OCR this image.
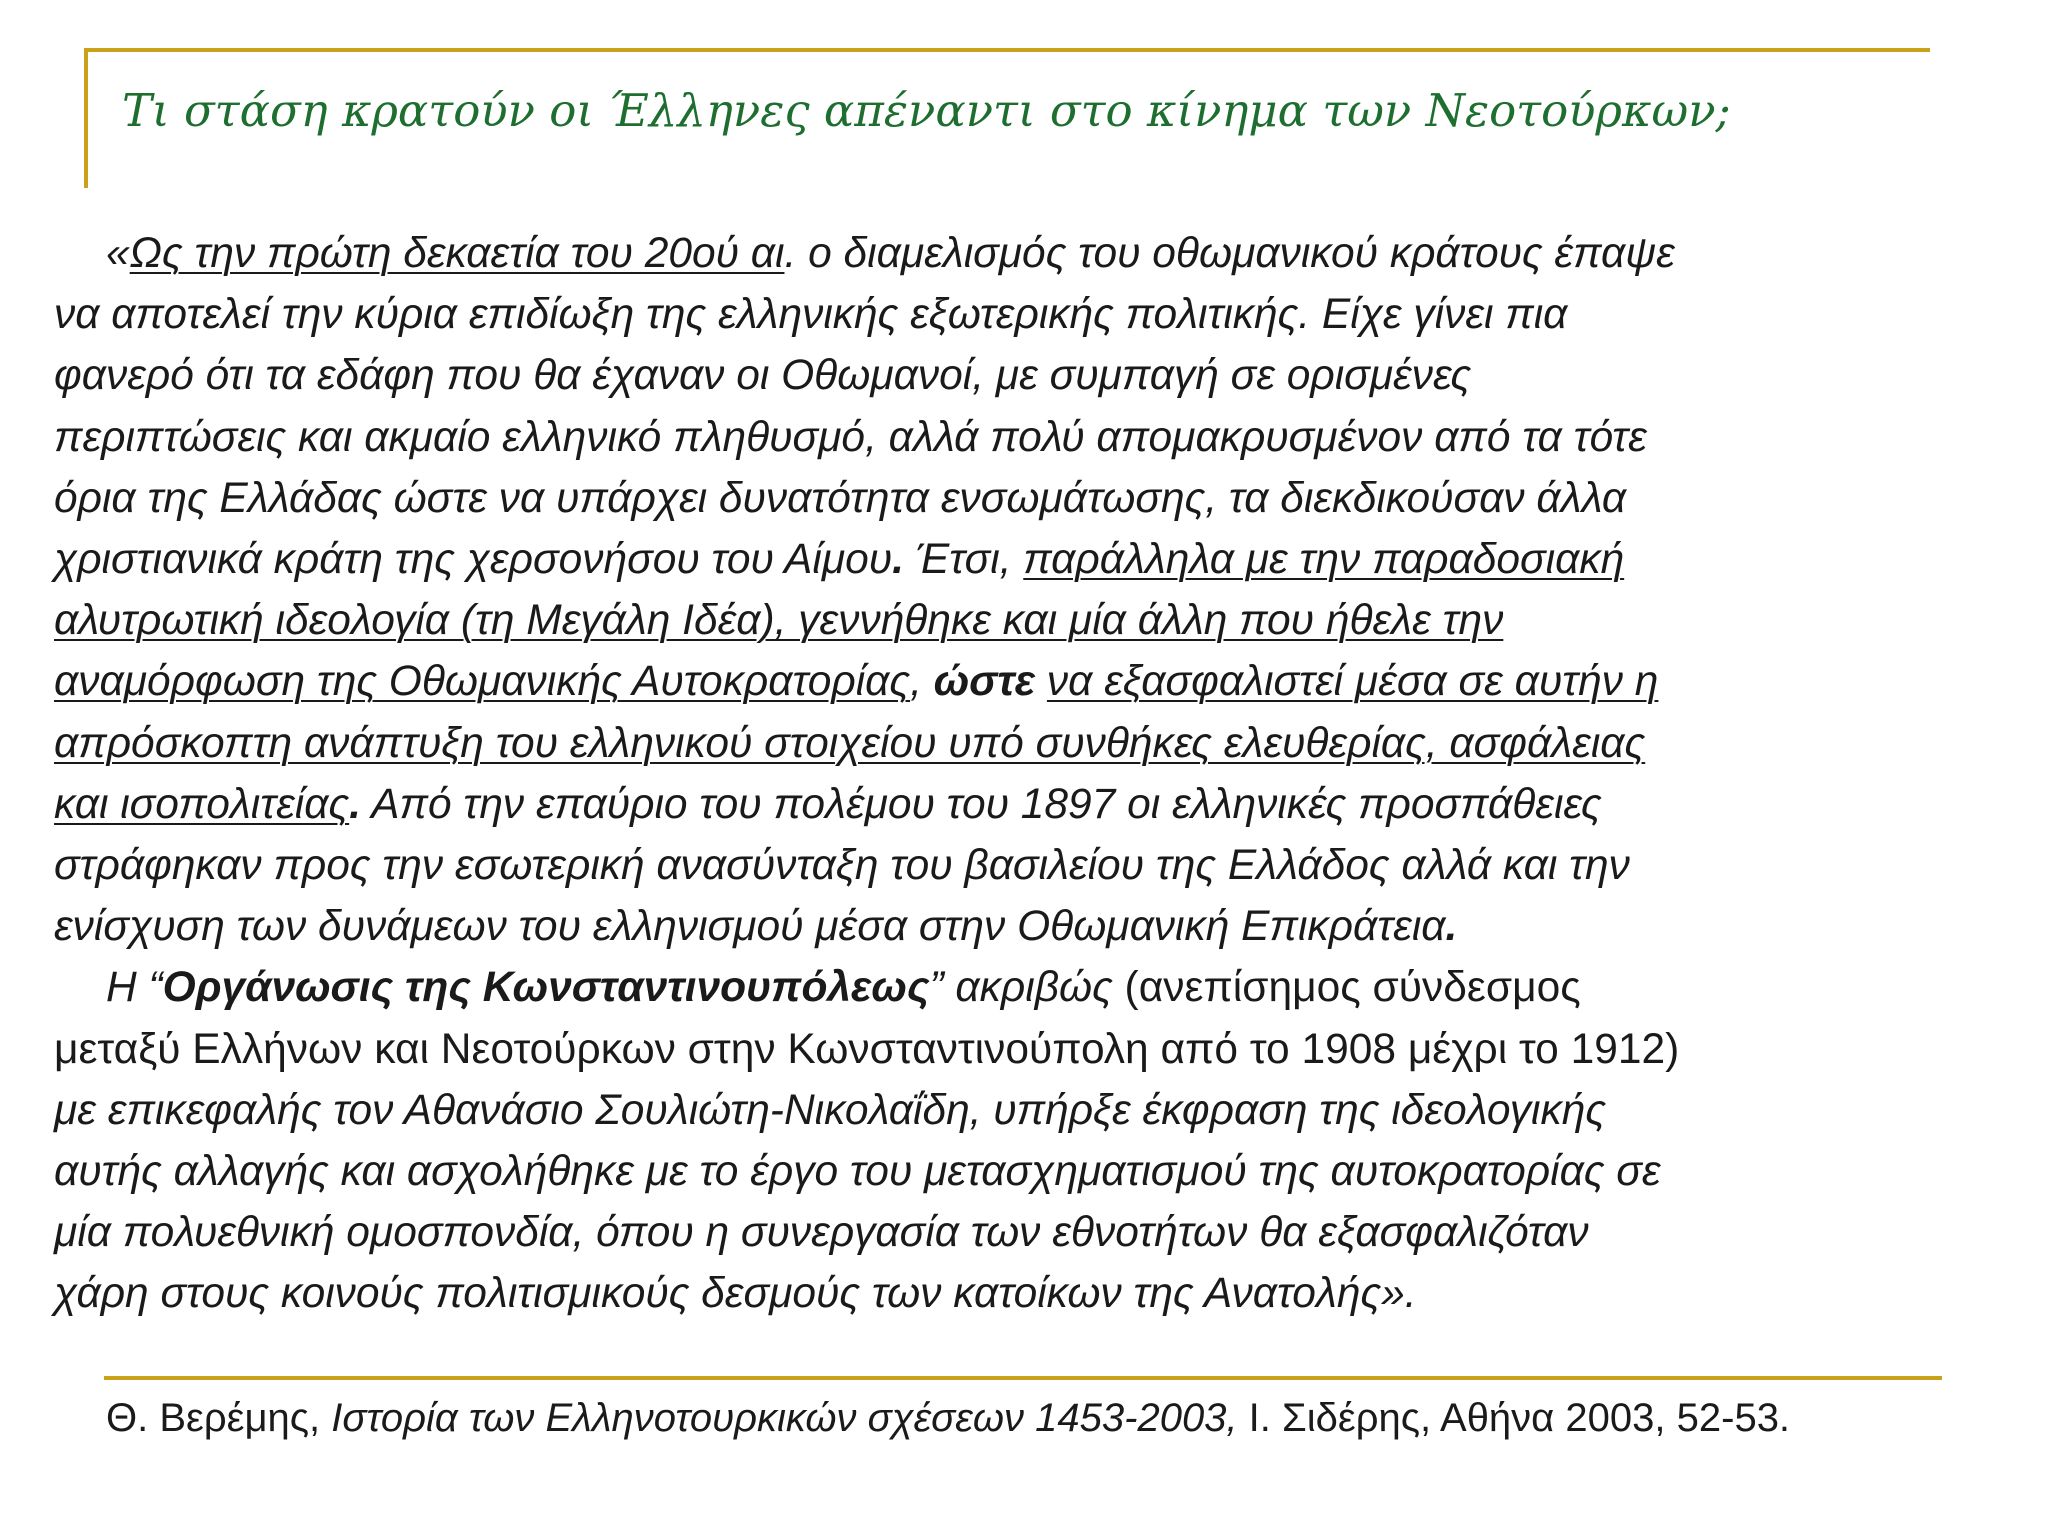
Τι στάση κρατούν οι Έλληνες απέναντι στο κίνημα των Νεοτούρκων;

«Ως την πρώτη δεκαετία του 20ού αι. ο διαμελισμός του οθωμανικού κράτους έπαψε
να αποτελεί την κύρια επιδίωξη της ελληνικής εξωτερικής πολιτικής. Είχε γίνει πια
φανερό ότι τα εδάφη που θα έχαναν οι Οθωμανοί, με συμπαγή σε ορισμένες
περιπτώσεις και ακμαίο ελληνικό πληθυσμό, αλλά πολύ απομακρυσμένον από τα τότε
όρια της Ελλάδας ώστε να υπάρχει δυνατότητα ενσωμάτωσης, τα διεκδικούσαν άλλα
χριστιανικά κράτη της χερσονήσου του Αίμου. Έτσι, παράλληλα με την παραδοσιακή
αλυτρωτική ιδεολογία (τη Μεγάλη Ιδέα), γεννήθηκε και μία άλλη που ήθελε την
αναμόρφωση της Οθωμανικής Αυτοκρατορίας, ώστε να εξασφαλιστεί μέσα σε αυτήν η
απρόσκοπτη ανάπτυξη του ελληνικού στοιχείου υπό συνθήκες ελευθερίας, ασφάλειας
και ισοπολιτείας. Από την επαύριο του πολέμου του 1897 οι ελληνικές προσπάθειες
στράφηκαν προς την εσωτερική ανασύνταξη του βασιλείου της Ελλάδος αλλά και την
ενίσχυση των δυνάμεων του ελληνισμού μέσα στην Οθωμανική Επικράτεια.

Η “Οργάνωσις της Κωνσταντινουπόλεως” ακριβώς (ανεπίσημος σύνδεσμος
μεταξύ Ελλήνων και Νεοτούρκων στην Κωνσταντινούπολη από το 1908 μέχρι το 1912)
με επικεφαλής τον Αθανάσιο Σουλιώτη-Νικολαΐδη, υπήρξε έκφραση της ιδεολογικής
αυτής αλλαγής και ασχολήθηκε με το έργο του μετασχηματισμού της αυτοκρατορίας σε
μία πολυεθνική ομοσπονδία, όπου η συνεργασία των εθνοτήτων θα εξασφαλιζόταν
χάρη στους κοινούς πολιτισμικούς δεσμούς των κατοίκων της Ανατολής».

Θ. Βερέμης, Ιστορία των Ελληνοτουρκικών σχέσεων 1453-2003, Ι. Σιδέρης, Αθήνα 2003, 52-53.
